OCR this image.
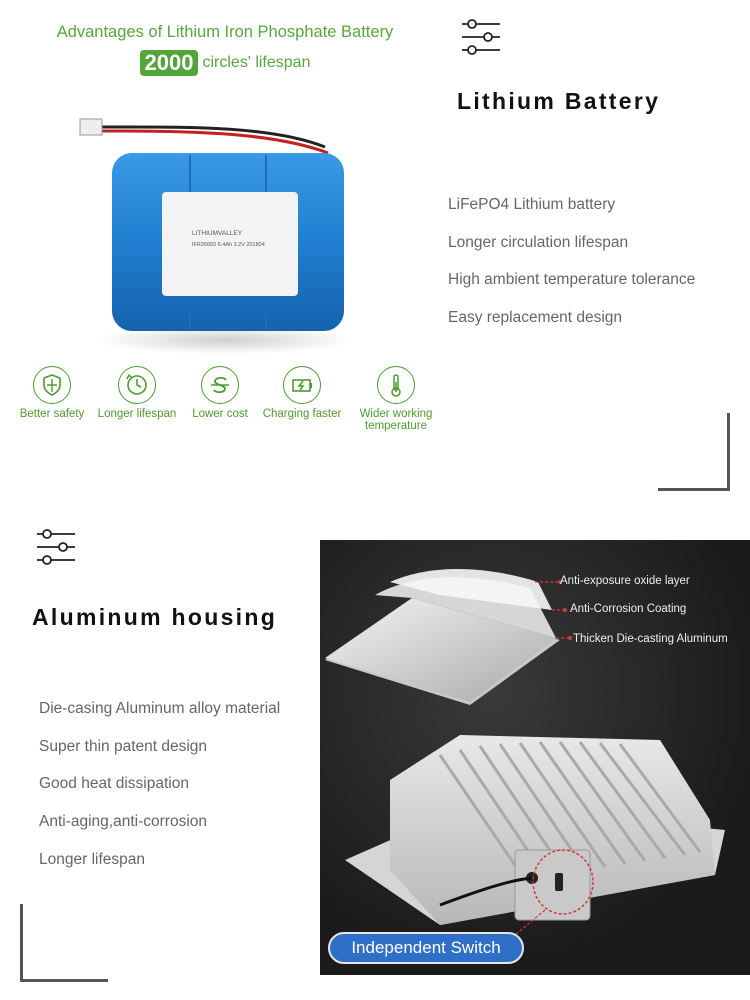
Advantages of Lithium Iron Phosphate Battery
2000 circles' lifespan
LITHIUMVALLEY
IFR26650 6.4Ah 3.2V 201804
Better safety	Longer lifespan	Lower cost	Charging faster	Wider working temperature
Lithium Battery
LiFePO4 Lithium battery
Longer circulation lifespan
High ambient temperature tolerance
Easy replacement design
Aluminum housing
Die-casing Aluminum alloy material
Super thin patent design
Good heat dissipation
Anti-aging,anti-corrosion
Longer lifespan
Anti-exposure oxide layer
Anti-Corrosion Coating
Thicken Die-casting Aluminum
Independent Switch
